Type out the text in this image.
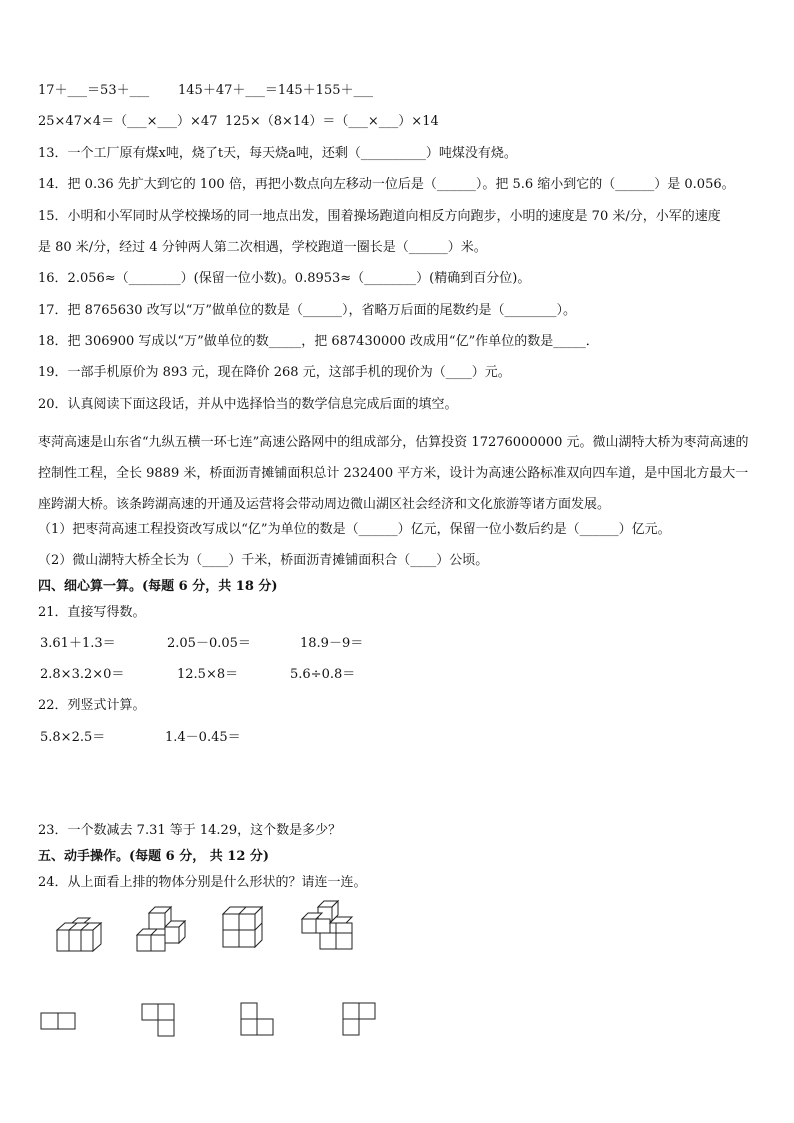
17＋___＝53＋___ 145＋47＋___＝145＋155＋___
25×47×4＝（___×___）×47 125×（8×14）＝（___×___）×14
13．一个工厂原有煤x吨，烧了t天，每天烧a吨，还剩（__________）吨煤没有烧。
14．把 0.36 先扩大到它的 100 倍，再把小数点向左移动一位后是（______）。把 5.6 缩小到它的（______）是 0.056。
15．小明和小军同时从学校操场的同一地点出发，围着操场跑道向相反方向跑步，小明的速度是 70 米/分，小军的速度
是 80 米/分，经过 4 分钟两人第二次相遇，学校跑道一圈长是（______）米。
16．2.056≈（________）(保留一位小数)。0.8953≈（________）(精确到百分位)。
17．把 8765630 改写以“万”做单位的数是（______），省略万后面的尾数约是（________）。
18．把 306900 写成以“万”做单位的数_____，把 687430000 改成用“亿”作单位的数是_____．
19．一部手机原价为 893 元，现在降价 268 元，这部手机的现价为（____）元。
20．认真阅读下面这段话，并从中选择恰当的数学信息完成后面的填空。
枣菏高速是山东省“九纵五横一环七连”高速公路网中的组成部分，估算投资 17276000000 元。微山湖特大桥为枣菏高速的控制性工程，全长 9889 米，桥面沥青摊铺面积总计 232400 平方米，设计为高速公路标准双向四车道，是中国北方最大一座跨湖大桥。该条跨湖高速的开通及运营将会带动周边微山湖区社会经济和文化旅游等诸方面发展。
（1）把枣菏高速工程投资改写成以“亿”为单位的数是（______）亿元，保留一位小数后约是（______）亿元。
（2）微山湖特大桥全长为（____）千米，桥面沥青摊铺面积合（____）公顷。
四、细心算一算。(每题 6 分，共 18 分)
21．直接写得数。
22．列竖式计算。
23．一个数减去 7.31 等于 14.29，这个数是多少？
五、动手操作。(每题 6 分， 共 12 分)
24．从上面看上排的物体分别是什么形状的？请连一连。
3.61＋1.3＝	2.05－0.05＝	18.9－9＝
2.8×3.2×0＝	12.5×8＝	5.6÷0.8＝
5.8×2.5＝	1.4－0.45＝
